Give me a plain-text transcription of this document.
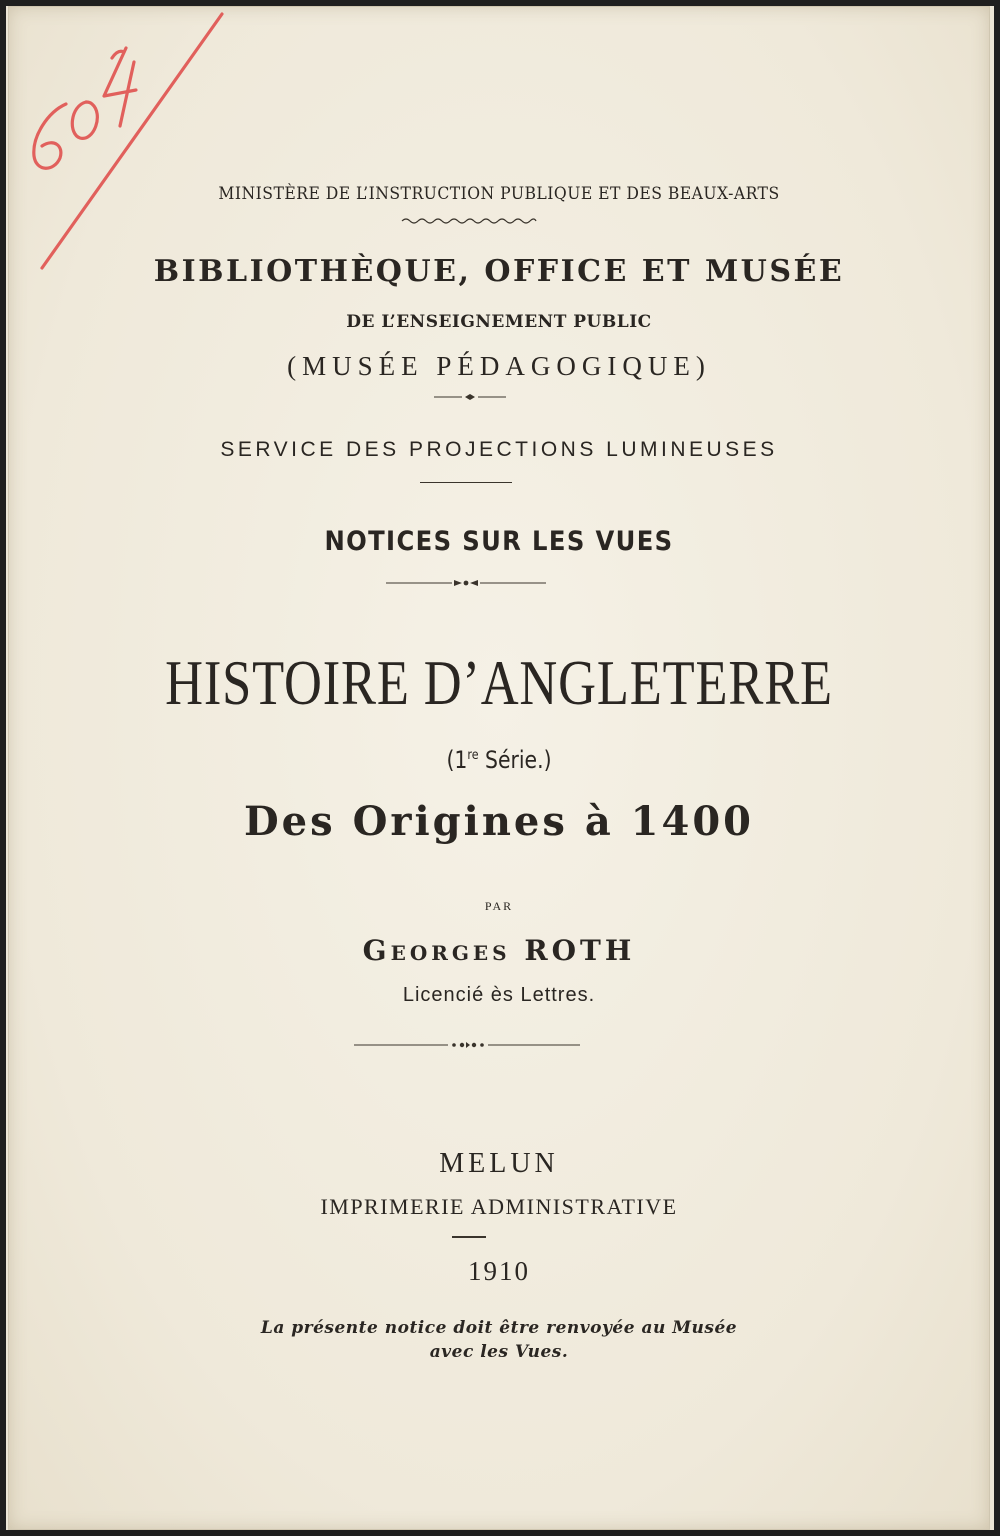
MINISTÈRE DE L’INSTRUCTION PUBLIQUE ET DES BEAUX-ARTS
BIBLIOTHÈQUE, OFFICE ET MUSÉE
DE L’ENSEIGNEMENT PUBLIC
(MUSÉE PÉDAGOGIQUE)
SERVICE DES PROJECTIONS LUMINEUSES
NOTICES SUR LES VUES
HISTOIRE D’ANGLETERRE
(1re Série.)
Des Origines à 1400
PAR
Georges ROTH
Licencié ès Lettres.
MELUN
IMPRIMERIE ADMINISTRATIVE
1910
La présente notice doit être renvoyée au Musée
avec les Vues.
